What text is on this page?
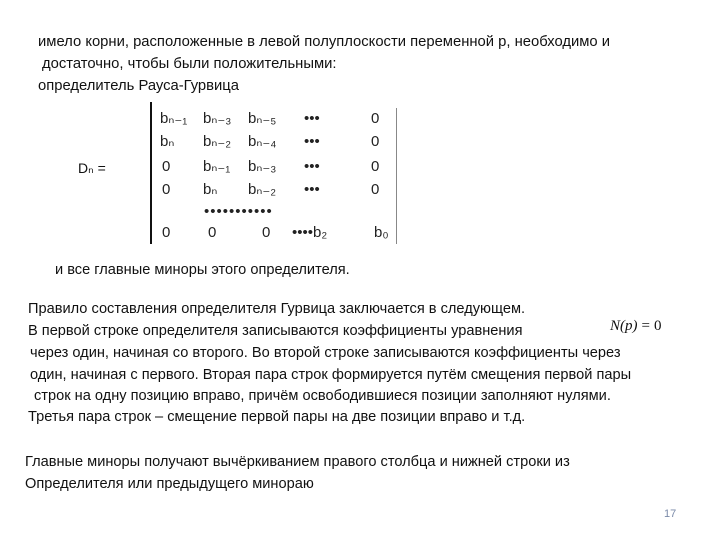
имело корни, расположенные в левой полуплоскости переменной p, необходимо и
достаточно, чтобы были положительными:
определитель Рауса-Гурвица
Dₙ =
bₙ₋₁ bₙ₋₃ bₙ₋₅ •••	0
bₙ bₙ₋₂ bₙ₋₄ •••	0
0 bₙ₋₁ bₙ₋₃ •••	0
0 bₙ bₙ₋₂ •••	0
•••••••••••
0	0	0 ••••b₂	b₀
и все главные миноры этого определителя.
Правило составления определителя Гурвица заключается в следующем.
В первой строке определителя записываются коэффициенты уравнения	N(p) = 0
через один, начиная со второго. Во второй строке записываются коэффициенты через
один, начиная с первого. Вторая пара строк формируется путём смещения первой пары
строк на одну позицию вправо, причём освободившиеся позиции заполняют нулями.
Третья пара строк – смещение первой пары на две позиции вправо и т.д.
Главные миноры получают вычёркиванием правого столбца и нижней строки из
Определителя или предыдущего минораю
17
